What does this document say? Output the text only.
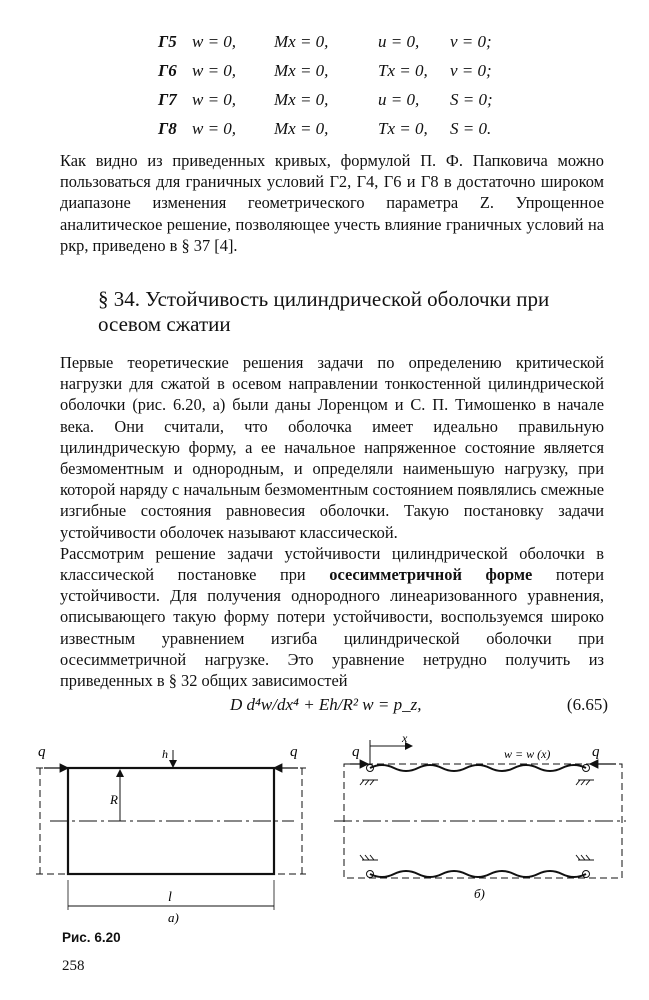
Г5 w = 0,	Mx = 0,	u = 0,	v = 0;
Г6 w = 0,	Mx = 0,	Tx = 0,	v = 0;
Г7 w = 0,	Mx = 0,	u = 0,	S = 0;
Г8 w = 0,	Mx = 0,	Tx = 0,	S = 0.

Как видно из приведенных кривых, формулой П. Ф. Папковича можно пользоваться для граничных условий Г2, Г4, Г6 и Г8 в достаточно широком диапазоне изменения геометрического параметра Z. Упрощенное аналитическое решение, позволяющее учесть влияние граничных условий на pкр, приведено в § 37 [4].

§ 34. Устойчивость цилиндрической оболочки при осевом сжатии

Первые теоретические решения задачи по определению критической нагрузки для сжатой в осевом направлении тонкостенной цилиндрической оболочки (рис. 6.20, а) были даны Лоренцом и С. П. Тимошенко в начале века. Они считали, что оболочка имеет идеально правильную цилиндрическую форму, а ее начальное напряженное состояние является безмоментным и однородным, и определяли наименьшую нагрузку, при которой наряду с начальным безмоментным состоянием появлялись смежные изгибные состояния равновесия оболочки. Такую постановку задачи устойчивости оболочек называют классической.

Рассмотрим решение задачи устойчивости цилиндрической оболочки в классической постановке при осесимметричной форме потери устойчивости. Для получения однородного линеаризованного уравнения, описывающего такую форму потери устойчивости, воспользуемся широко известным уравнением изгиба цилиндрической оболочки при осесимметричной нагрузке. Это уравнение нетрудно получить из приведенных в § 32 общих зависимостей

D d⁴w/dx⁴ + Eh/R² w = p_z,	(6.65)
q	q
h
R
l
а)
q	q
x
w = w (x)
б)
Рис. 6.20
258
